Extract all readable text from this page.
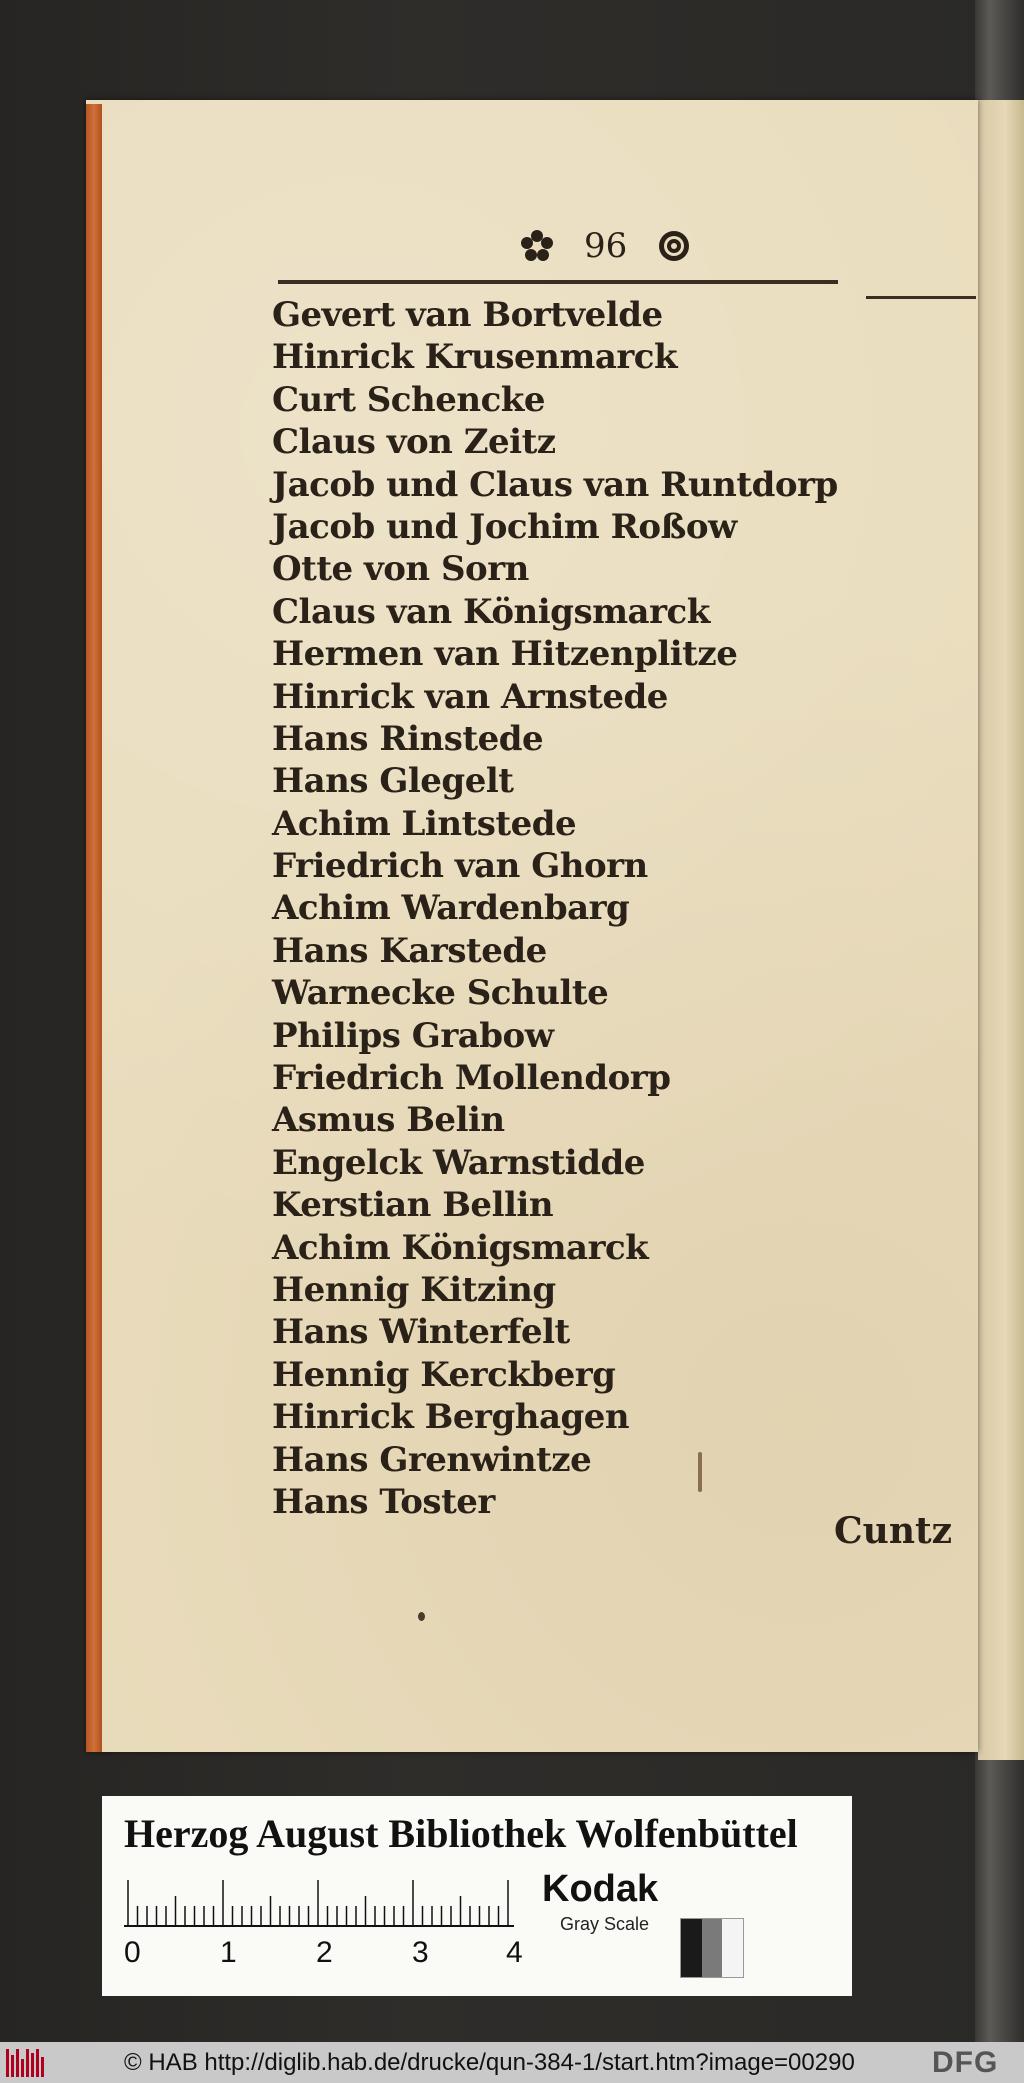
96
Gevert van Bortvelde
Hinrick Krusenmarck
Curt Schencke
Claus von Zeitz
Jacob und Claus van Runtdorp
Jacob und Jochim Roßow
Otte von Sorn
Claus van Königsmarck
Hermen van Hitzenplitze
Hinrick van Arnstede
Hans Rinstede
Hans Glegelt
Achim Lintstede
Friedrich van Ghorn
Achim Wardenbarg
Hans Karstede
Warnecke Schulte
Philips Grabow
Friedrich Mollendorp
Asmus Belin
Engelck Warnstidde
Kerstian Bellin
Achim Königsmarck
Hennig Kitzing
Hans Winterfelt
Hennig Kerckberg
Hinrick Berghagen
Hans Grenwintze
Hans Toster
Cuntz
Herzog August Bibliothek Wolfenbüttel
0	1	2	3	4
Kodak
Gray Scale
© HAB http://diglib.hab.de/drucke/qun-384-1/start.htm?image=00290	DFG
